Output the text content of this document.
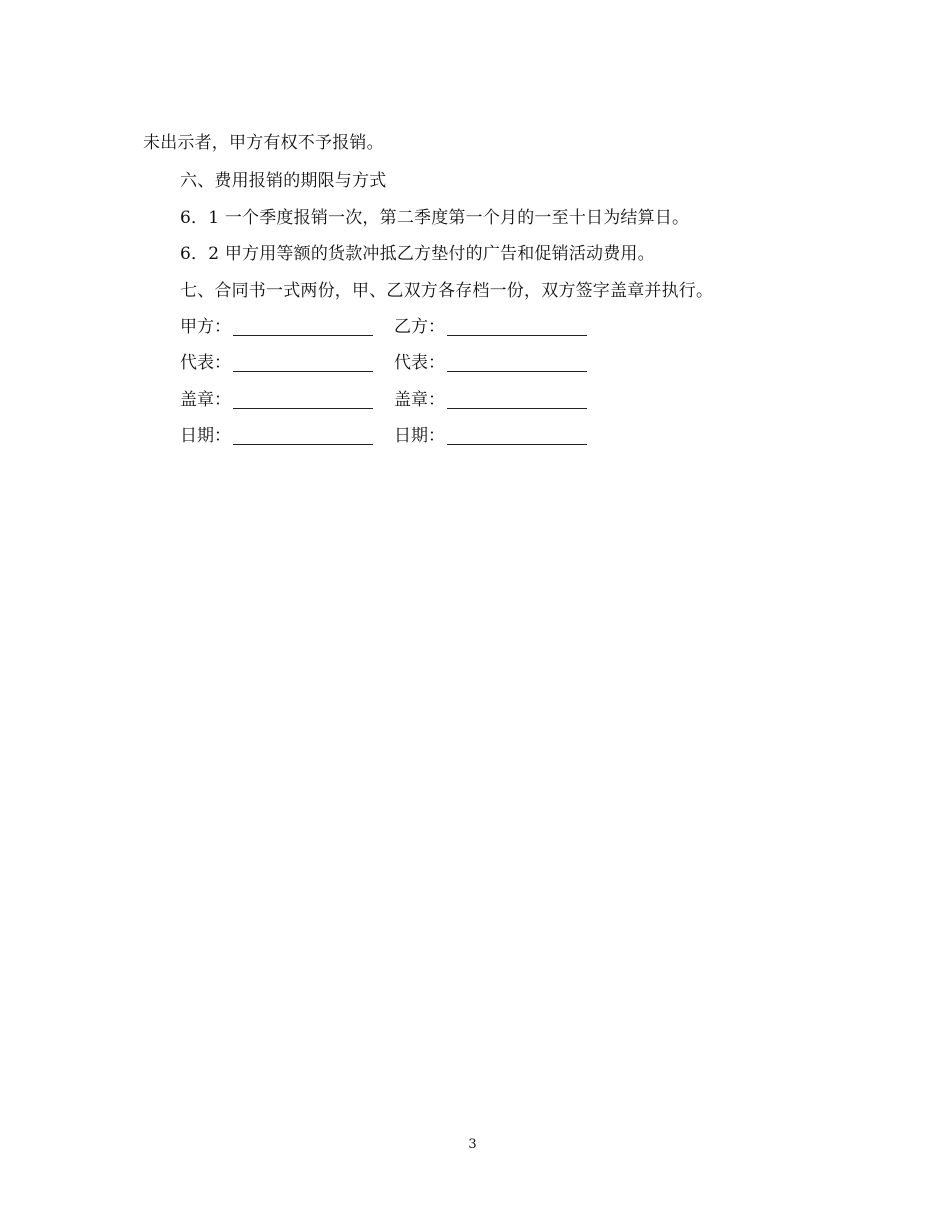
未出示者，甲方有权不予报销。
六、费用报销的期限与方式
6．1 一个季度报销一次，第二季度第一个月的一至十日为结算日。
6．2 甲方用等额的货款冲抵乙方垫付的广告和促销活动费用。
七、合同书一式两份，甲、乙双方各存档一份，双方签字盖章并执行。
甲方：	乙方：
代表：	代表：
盖章：	盖章：
日期：	日期：
3
